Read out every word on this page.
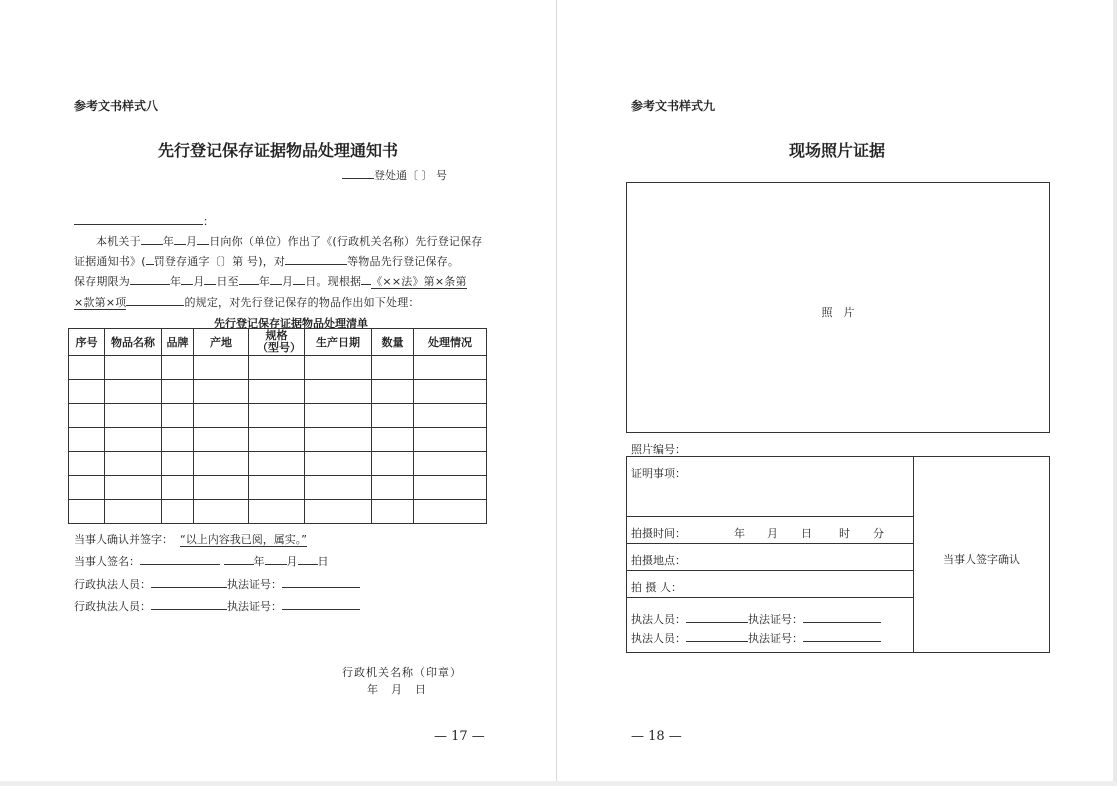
参考文书样式八
先行登记保存证据物品处理通知书
登处通〔 〕 号
：
本机关于 年 月 日向你（单位）作出了《(行政机关名称）先行登记保存
证据通知书》( 罚登存通字〔〕第 号)，对	等物品先行登记保存。
保存期限为	年 月 日至 年 月 日。现根据 《××法》第×条第
×款第×项	的规定，对先行登记保存的物品作出如下处理：
先行登记保存证据物品处理清单
序号	物品名称	品牌	产地	规格（型号）	生产日期	数量	处理情况

当事人确认并签字： “以上内容我已阅，属实。”
当事人签名：	年 月 日
行政执法人员：	执法证号：
行政执法人员：	执法证号：
行政机关名称（印章）
年　月　日
— 17 —
参考文书样式九
现场照片证据
照　片
照片编号：
证明事项：
拍摄时间：	年 月 日 时 分
拍摄地点：
拍 摄 人：
执法人员：	执法证号：
执法人员：	执法证号：
当事人签字确认
— 18 —
